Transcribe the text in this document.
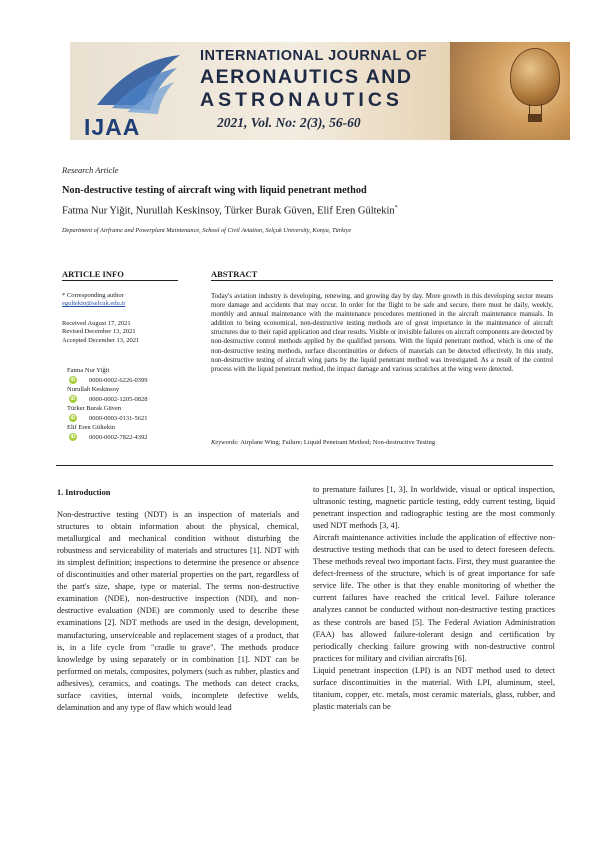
IJAA
INTERNATIONAL JOURNAL OF
AERONAUTICS AND
ASTRONAUTICS
2021, Vol. No: 2(3), 56-60
Research Article
Non-destructive testing of aircraft wing with liquid penetrant method
Fatma Nur Yiğit, Nurullah Keskinsoy, Türker Burak Güven, Elif Eren Gültekin*
Department of Airframe and Powerplant Maintenance, School of Civil Aviation, Selçuk University, Konya, Türkiye
ARTICLE INFO
* Corresponding author
egultekin@selcuk.edu.tr
Received August 17, 2021
Revised December 13, 2021
Accepted December 13, 2021
Fatma Nur Yiğit
iD 0000-0002-6226-0399
Nurullah Keskinsoy
iD 0000-0002-1205-0828
Türker Burak Güven
iD 0000-0003-0131-5621
Elif Eren Gültekin
iD 0000-0002-7822-4392
ABSTRACT
Today's aviation industry is developing, renewing, and growing day by day. More growth in this developing sector means more damage and accidents that may occur. In order for the flight to be safe and secure, there must be daily, weekly, monthly and annual maintenance with the maintenance procedures mentioned in the aircraft maintenance manuals. In addition to being economical, non-destructive testing methods are of great importance in the maintenance of aircraft structures due to their rapid application and clear results. Visible or invisible failures on aircraft components are detected by non-destructive control methods applied by the qualified persons. With the liquid penetrant method, which is one of the non-destructive testing methods, surface discontinuities or defects of materials can be detected effectively. In this study, non-destructive testing of aircraft wing parts by the liquid penetrant method was investigated. As a result of the control process with the liquid penetrant method, the impact damage and various scratches at the wing were detected.
Keywords: Airplane Wing; Failure; Liquid Penetrant Method; Non-destructive Testing

1. Introduction

Non-destructive testing (NDT) is an inspection of materials and structures to obtain information about the physical, chemical, metallurgical and mechanical condition without disturbing the robustness and serviceability of materials and structures [1]. NDT with its simplest definition; inspections to determine the presence or absence of discontinuities and other material properties on the part, regardless of the part's size, shape, type or material. The terms non-destructive examination (NDE), non-destructive inspection (NDI), and non-destructive evaluation (NDE) are commonly used to describe these examinations [2]. NDT methods are used in the design, development, manufacturing, unserviceable and replacement stages of a product, that is, in a life cycle from "cradle to grave". The methods produce knowledge by using separately or in combination [1]. NDT can be performed on metals, composites, polymers (such as rubber, plastics and adhesives), ceramics, and coatings. The methods can detect cracks, surface cavities, internal voids, incomplete defective welds, delamination and any type of flaw which would lead

to premature failures [1, 3]. In worldwide, visual or optical inspection, ultrasonic testing, magnetic particle testing, eddy current testing, liquid penetrant inspection and radiographic testing are the most commonly used NDT methods [3, 4].

Aircraft maintenance activities include the application of effective non-destructive testing methods that can be used to detect foreseen defects. These methods reveal two important facts. First, they must guarantee the defect-freeness of the structure, which is of great importance for safe service life. The other is that they enable monitoring of whether the current failures have reached the critical level. Failure tolerance analyzes cannot be conducted without non-destructive testing practices as these controls are based [5]. The Federal Aviation Administration (FAA) has allowed failure-tolerant design and certification by periodically checking failure growing with non-destructive control practices for military and civilian aircrafts [6].

Liquid penetrant inspection (LPI) is an NDT method used to detect surface discontinuities in the material. With LPI, aluminum, steel, titanium, copper, etc. metals, most ceramic materials, glass, rubber, and plastic materials can be
